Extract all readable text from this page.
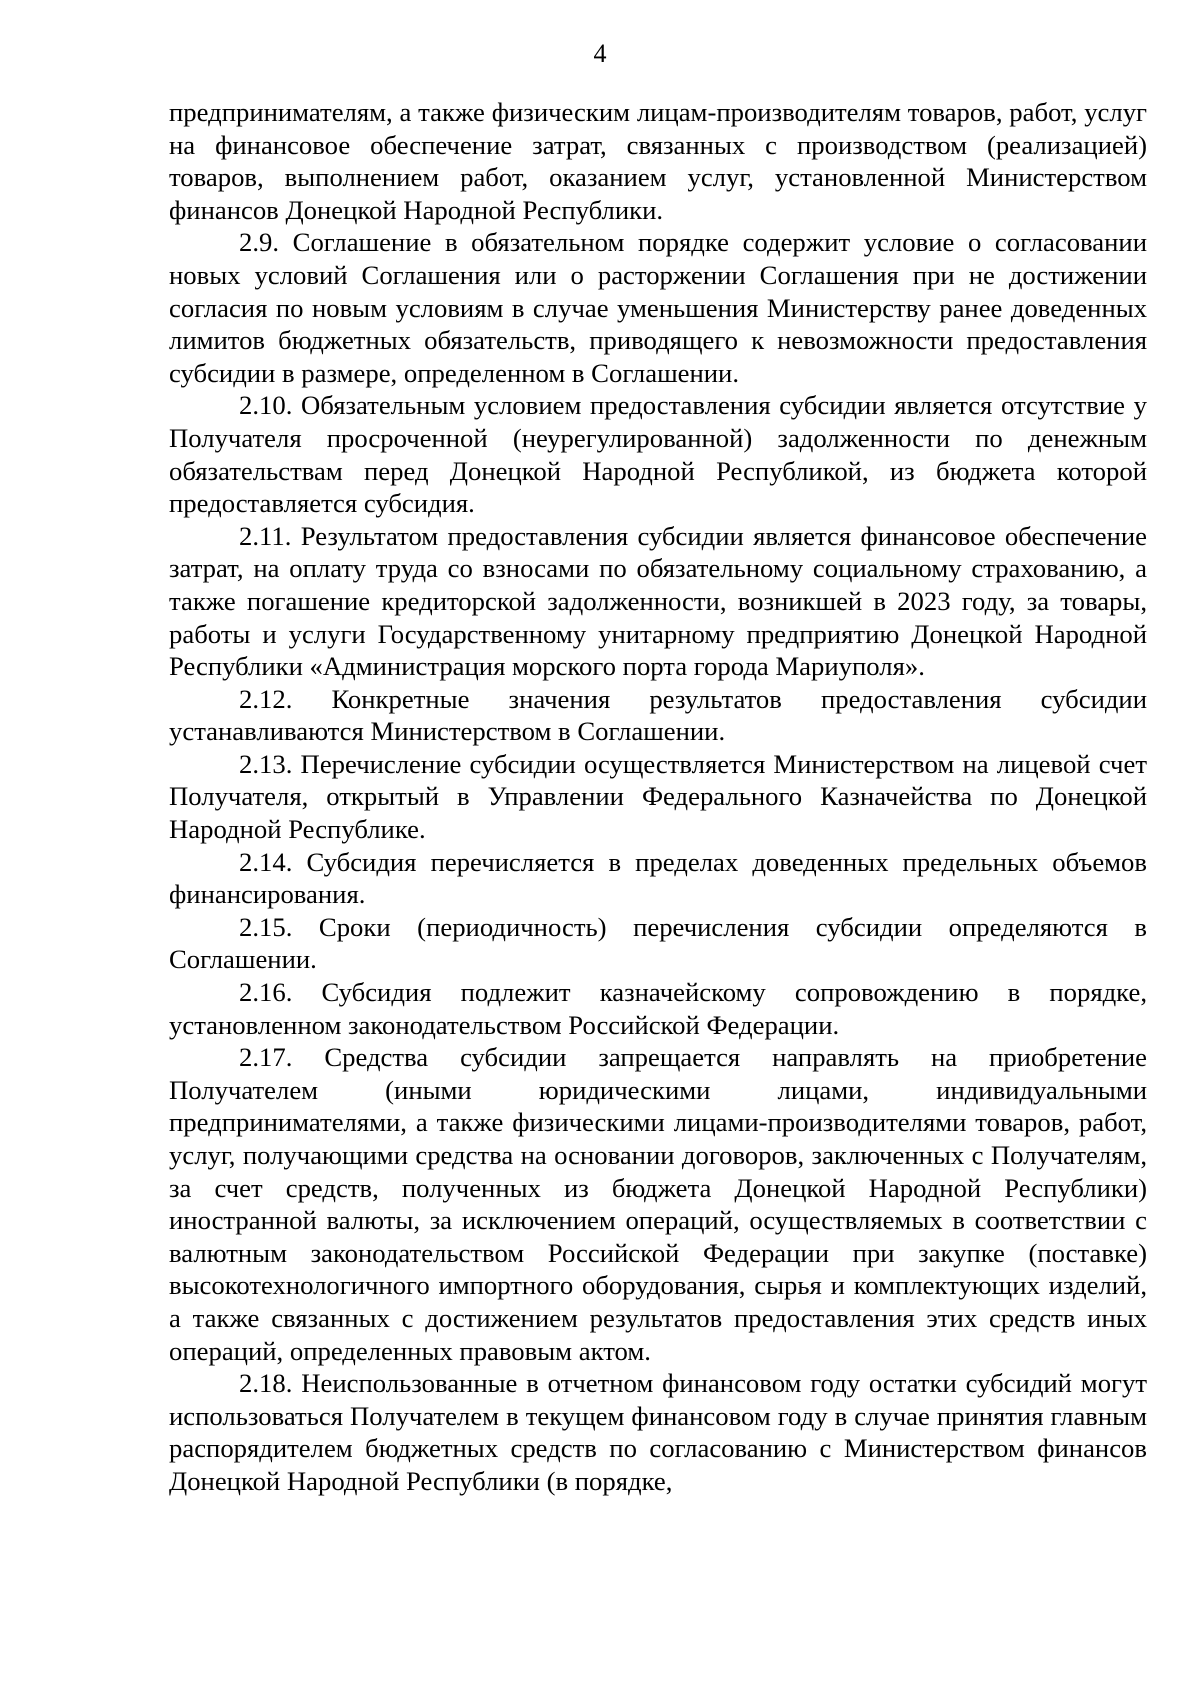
4

предпринимателям, а также физическим лицам-производителям товаров, работ, услуг на финансовое обеспечение затрат, связанных с производством (реализацией) товаров, выполнением работ, оказанием услуг, установленной Министерством финансов Донецкой Народной Республики.

2.9. Соглашение в обязательном порядке содержит условие о согласовании новых условий Соглашения или о расторжении Соглашения при не достижении согласия по новым условиям в случае уменьшения Министерству ранее доведенных лимитов бюджетных обязательств, приводящего к невозможности предоставления субсидии в размере, определенном в Соглашении.

2.10. Обязательным условием предоставления субсидии является отсутствие у Получателя просроченной (неурегулированной) задолженности по денежным обязательствам перед Донецкой Народной Республикой, из бюджета которой предоставляется субсидия.

2.11. Результатом предоставления субсидии является финансовое обеспечение затрат, на оплату труда со взносами по обязательному социальному страхованию, а также погашение кредиторской задолженности, возникшей в 2023 году, за товары, работы и услуги Государственному унитарному предприятию Донецкой Народной Республики «Администрация морского порта города Мариуполя».

2.12. Конкретные значения результатов предоставления субсидии устанавливаются Министерством в Соглашении.

2.13. Перечисление субсидии осуществляется Министерством на лицевой счет Получателя, открытый в Управлении Федерального Казначейства по Донецкой Народной Республике.

2.14. Субсидия перечисляется в пределах доведенных предельных объемов финансирования.

2.15. Сроки (периодичность) перечисления субсидии определяются в Соглашении.

2.16. Субсидия подлежит казначейскому сопровождению в порядке, установленном законодательством Российской Федерации.

2.17. Средства субсидии запрещается направлять на приобретение Получателем (иными юридическими лицами, индивидуальными предпринимателями, а также физическими лицами-производителями товаров, работ, услуг, получающими средства на основании договоров, заключенных с Получателям, за счет средств, полученных из бюджета Донецкой Народной Республики) иностранной валюты, за исключением операций, осуществляемых в соответствии с валютным законодательством Российской Федерации при закупке (поставке) высокотехнологичного импортного оборудования, сырья и комплектующих изделий, а также связанных с достижением результатов предоставления этих средств иных операций, определенных правовым актом.

2.18. Неиспользованные в отчетном финансовом году остатки субсидий могут использоваться Получателем в текущем финансовом году в случае принятия главным распорядителем бюджетных средств по согласованию с Министерством финансов Донецкой Народной Республики (в порядке,
